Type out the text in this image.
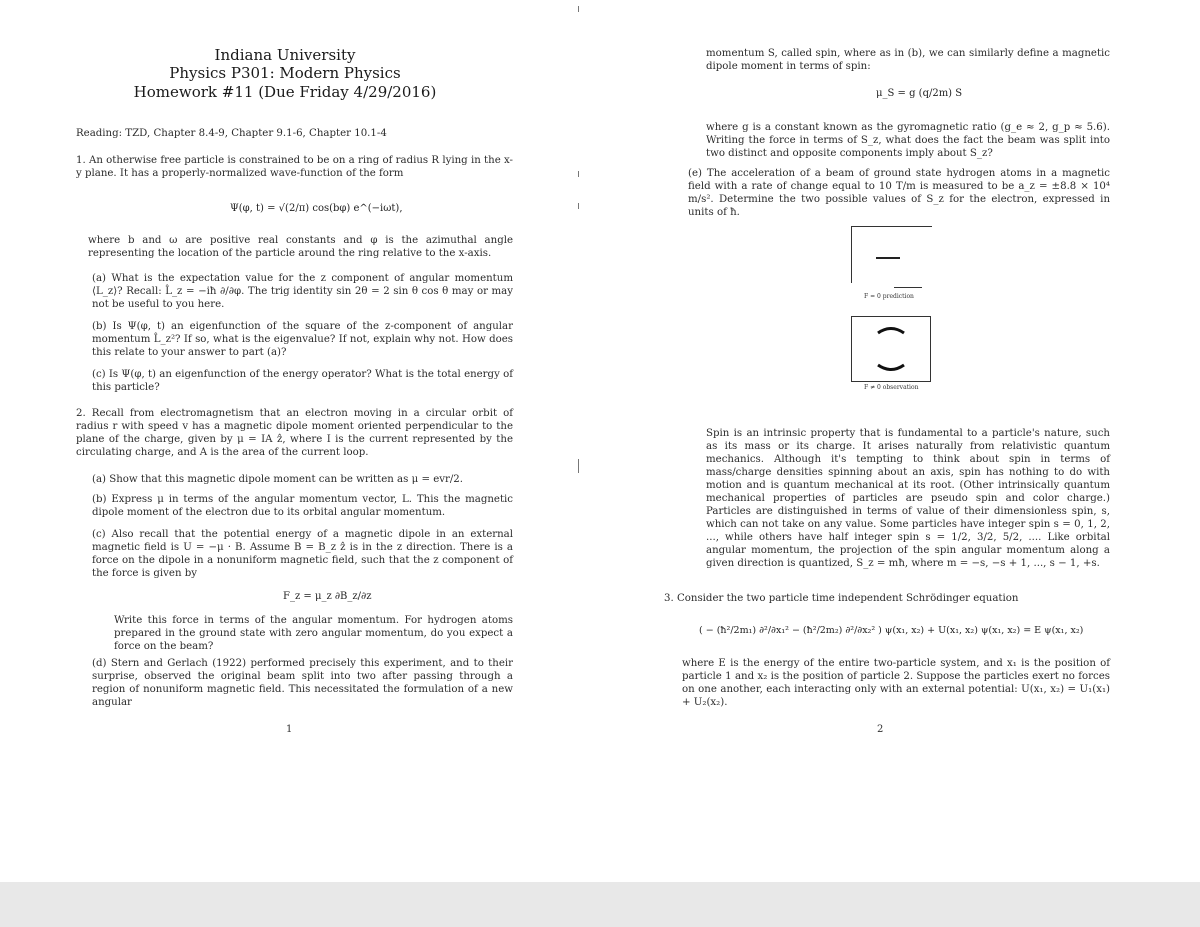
Indiana University
Physics P301: Modern Physics
Homework #11 (Due Friday 4/29/2016)
Reading: TZD, Chapter 8.4-9, Chapter 9.1-6, Chapter 10.1-4
1. An otherwise free particle is constrained to be on a ring of radius R lying in the x-y plane. It has a properly-normalized wave-function of the form
Ψ(φ, t) = √(2/π) cos(bφ) e^(−iωt),
where b and ω are positive real constants and φ is the azimuthal angle representing the location of the particle around the ring relative to the x-axis.
(a) What is the expectation value for the z component of angular momentum ⟨L_z⟩? Recall: L̂_z = −iħ ∂/∂φ. The trig identity sin 2θ = 2 sin θ cos θ may or may not be useful to you here.
(b) Is Ψ(φ, t) an eigenfunction of the square of the z-component of angular momentum L̂_z²? If so, what is the eigenvalue? If not, explain why not. How does this relate to your answer to part (a)?
(c) Is Ψ(φ, t) an eigenfunction of the energy operator? What is the total energy of this particle?
2. Recall from electromagnetism that an electron moving in a circular orbit of radius r with speed v has a magnetic dipole moment oriented perpendicular to the plane of the charge, given by μ = IA ẑ, where I is the current represented by the circulating charge, and A is the area of the current loop.
(a) Show that this magnetic dipole moment can be written as μ = evr/2.
(b) Express μ in terms of the angular momentum vector, L. This the magnetic dipole moment of the electron due to its orbital angular momentum.
(c) Also recall that the potential energy of a magnetic dipole in an external magnetic field is U = −μ · B. Assume B = B_z ẑ is in the z direction. There is a force on the dipole in a nonuniform magnetic field, such that the z component of the force is given by
F_z = μ_z ∂B_z/∂z
Write this force in terms of the angular momentum. For hydrogen atoms prepared in the ground state with zero angular momentum, do you expect a force on the beam?
(d) Stern and Gerlach (1922) performed precisely this experiment, and to their surprise, observed the original beam split into two after passing through a region of nonuniform magnetic field. This necessitated the formulation of a new angular
1
momentum S, called spin, where as in (b), we can similarly define a magnetic dipole moment in terms of spin:
μ_S = g (q/2m) S
where g is a constant known as the gyromagnetic ratio (g_e ≈ 2, g_p ≈ 5.6). Writing the force in terms of S_z, what does the fact the beam was split into two distinct and opposite components imply about S_z?
(e) The acceleration of a beam of ground state hydrogen atoms in a magnetic field with a rate of change equal to 10 T/m is measured to be a_z = ±8.8 × 10⁴ m/s². Determine the two possible values of S_z for the electron, expressed in units of ħ.
F = 0 prediction
F ≠ 0 observation
Spin is an intrinsic property that is fundamental to a particle's nature, such as its mass or its charge. It arises naturally from relativistic quantum mechanics. Although it's tempting to think about spin in terms of mass/charge densities spinning about an axis, spin has nothing to do with motion and is quantum mechanical at its root. (Other intrinsically quantum mechanical properties of particles are pseudo spin and color charge.) Particles are distinguished in terms of value of their dimensionless spin, s, which can not take on any value. Some particles have integer spin s = 0, 1, 2, ..., while others have half integer spin s = 1/2, 3/2, 5/2, .... Like orbital angular momentum, the projection of the spin angular momentum along a given direction is quantized, S_z = mħ, where m = −s, −s + 1, ..., s − 1, +s.
3. Consider the two particle time independent Schrödinger equation
( − (ħ²/2m₁) ∂²/∂x₁² − (ħ²/2m₂) ∂²/∂x₂² ) ψ(x₁, x₂) + U(x₁, x₂) ψ(x₁, x₂) = E ψ(x₁, x₂)
where E is the energy of the entire two-particle system, and x₁ is the position of particle 1 and x₂ is the position of particle 2. Suppose the particles exert no forces on one another, each interacting only with an external potential: U(x₁, x₂) = U₁(x₁) + U₂(x₂).
2
